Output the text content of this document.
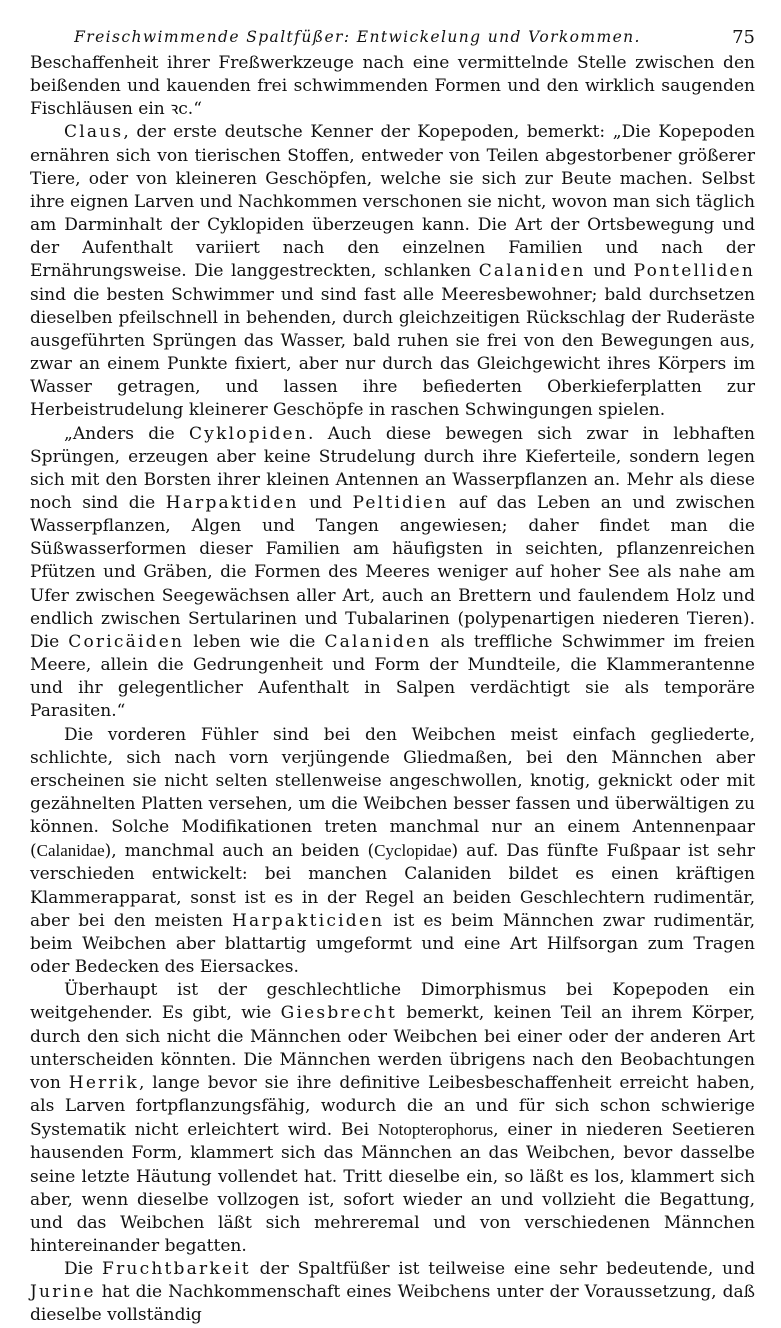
Freischwimmende Spaltfüßer: Entwickelung und Vorkommen.	75

Beschaffenheit ihrer Freßwerkzeuge nach eine vermittelnde Stelle zwischen den beißenden und kauenden frei schwimmenden Formen und den wirklich saugenden Fischläusen ein ꝛc.“

Claus, der erste deutsche Kenner der Kopepoden, bemerkt: „Die Kopepoden ernähren sich von tierischen Stoffen, entweder von Teilen abgestorbener größerer Tiere, oder von kleineren Geschöpfen, welche sie sich zur Beute machen. Selbst ihre eignen Larven und Nachkommen verschonen sie nicht, wovon man sich täglich am Darminhalt der Cyklopiden überzeugen kann. Die Art der Ortsbewegung und der Aufenthalt variiert nach den einzelnen Familien und nach der Ernährungsweise. Die langgestreckten, schlanken Calaniden und Pontelliden sind die besten Schwimmer und sind fast alle Meeresbewohner; bald durchsetzen dieselben pfeilschnell in behenden, durch gleichzeitigen Rückschlag der Ruderäste ausgeführten Sprüngen das Wasser, bald ruhen sie frei von den Bewegungen aus, zwar an einem Punkte fixiert, aber nur durch das Gleichgewicht ihres Körpers im Wasser getragen, und lassen ihre befiederten Oberkieferplatten zur Herbeistrudelung kleinerer Geschöpfe in raschen Schwingungen spielen.

„Anders die Cyklopiden. Auch diese bewegen sich zwar in lebhaften Sprüngen, erzeugen aber keine Strudelung durch ihre Kieferteile, sondern legen sich mit den Borsten ihrer kleinen Antennen an Wasserpflanzen an. Mehr als diese noch sind die Harpaktiden und Peltidien auf das Leben an und zwischen Wasserpflanzen, Algen und Tangen angewiesen; daher findet man die Süßwasserformen dieser Familien am häufigsten in seichten, pflanzenreichen Pfützen und Gräben, die Formen des Meeres weniger auf hoher See als nahe am Ufer zwischen Seegewächsen aller Art, auch an Brettern und faulendem Holz und endlich zwischen Sertularinen und Tubalarinen (polypenartigen niederen Tieren). Die Coricäiden leben wie die Calaniden als treffliche Schwimmer im freien Meere, allein die Gedrungenheit und Form der Mundteile, die Klammerantenne und ihr gelegentlicher Aufenthalt in Salpen verdächtigt sie als temporäre Parasiten.“

Die vorderen Fühler sind bei den Weibchen meist einfach gegliederte, schlichte, sich nach vorn verjüngende Gliedmaßen, bei den Männchen aber erscheinen sie nicht selten stellenweise angeschwollen, knotig, geknickt oder mit gezähnelten Platten versehen, um die Weibchen besser fassen und überwältigen zu können. Solche Modifikationen treten manchmal nur an einem Antennenpaar (Calanidae), manchmal auch an beiden (Cyclopidae) auf. Das fünfte Fußpaar ist sehr verschieden entwickelt: bei manchen Calaniden bildet es einen kräftigen Klammerapparat, sonst ist es in der Regel an beiden Geschlechtern rudimentär, aber bei den meisten Harpakticiden ist es beim Männchen zwar rudimentär, beim Weibchen aber blattartig umgeformt und eine Art Hilfsorgan zum Tragen oder Bedecken des Eiersackes.

Überhaupt ist der geschlechtliche Dimorphismus bei Kopepoden ein weitgehender. Es gibt, wie Giesbrecht bemerkt, keinen Teil an ihrem Körper, durch den sich nicht die Männchen oder Weibchen bei einer oder der anderen Art unterscheiden könnten. Die Männchen werden übrigens nach den Beobachtungen von Herrik, lange bevor sie ihre definitive Leibesbeschaffenheit erreicht haben, als Larven fortpflanzungsfähig, wodurch die an und für sich schon schwierige Systematik nicht erleichtert wird. Bei Notopterophorus, einer in niederen Seetieren hausenden Form, klammert sich das Männchen an das Weibchen, bevor dasselbe seine letzte Häutung vollendet hat. Tritt dieselbe ein, so läßt es los, klammert sich aber, wenn dieselbe vollzogen ist, sofort wieder an und vollzieht die Begattung, und das Weibchen läßt sich mehreremal und von verschiedenen Männchen hintereinander begatten.

Die Fruchtbarkeit der Spaltfüßer ist teilweise eine sehr bedeutende, und Jurine hat die Nachkommenschaft eines Weibchens unter der Voraussetzung, daß dieselbe vollständig
